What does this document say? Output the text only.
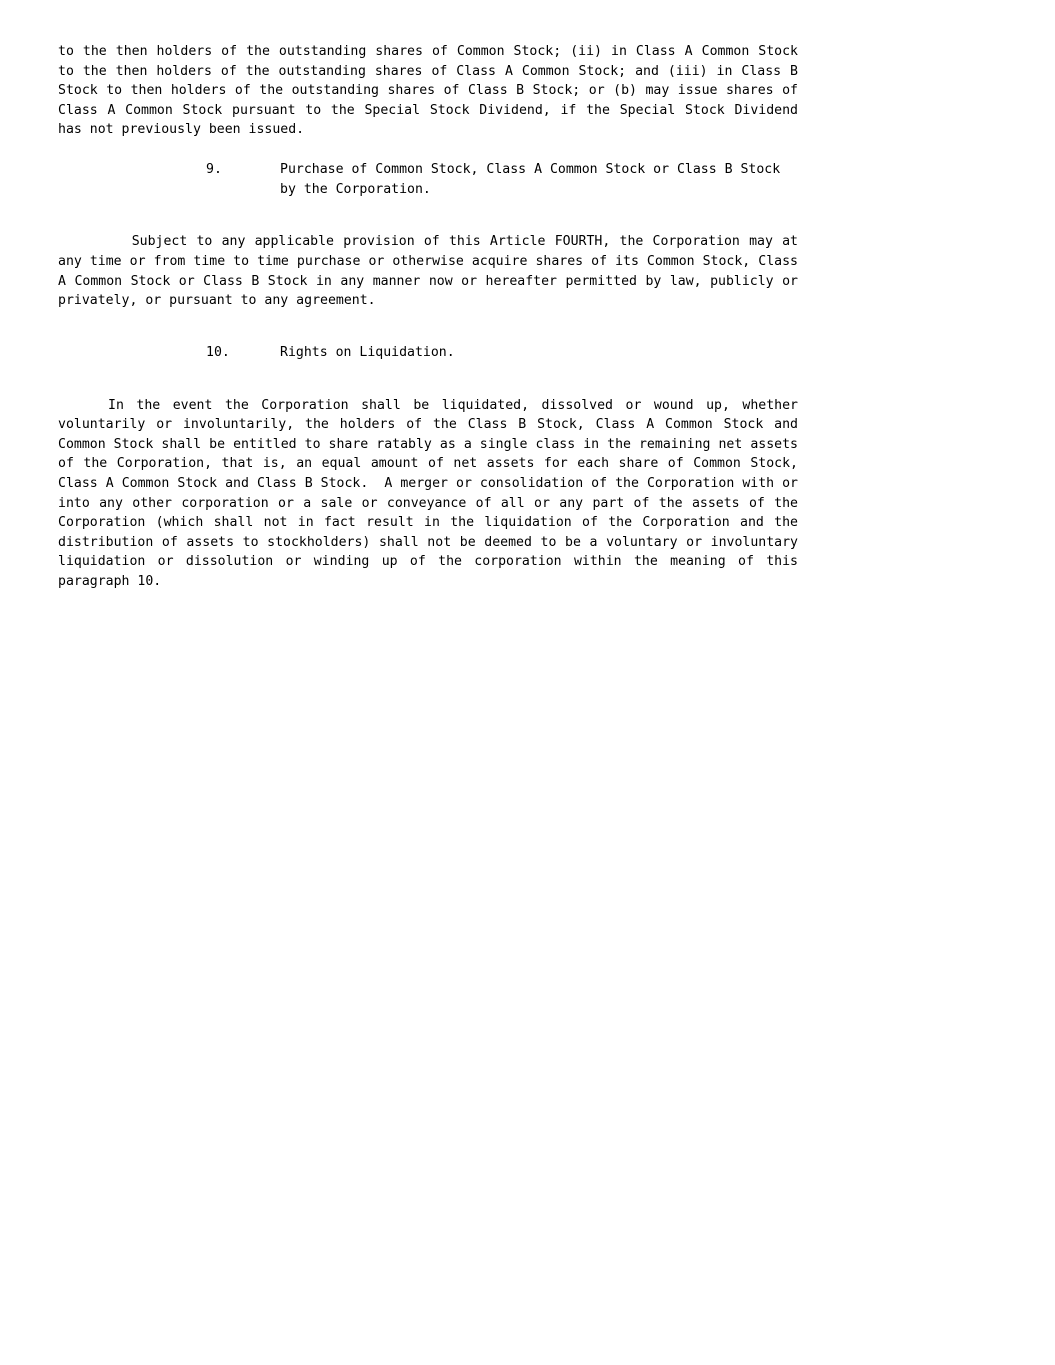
to the then holders of the outstanding shares of Common Stock; (ii) in Class A Common Stock to the then holders of the outstanding shares of Class A Common Stock; and (iii) in Class B Stock to then holders of the outstanding shares of Class B Stock; or (b) may issue shares of Class A Common Stock pursuant to the Special Stock Dividend, if the Special Stock Dividend has not previously been issued.

9.	Purchase of Common Stock, Class A Common Stock or Class B Stock by the Corporation.

Subject to any applicable provision of this Article FOURTH, the Corporation may at any time or from time to time purchase or otherwise acquire shares of its Common Stock, Class A Common Stock or Class B Stock in any manner now or hereafter permitted by law, publicly or privately, or pursuant to any agreement.

10.	Rights on Liquidation.

In the event the Corporation shall be liquidated, dissolved or wound up, whether voluntarily or involuntarily, the holders of the Class B Stock, Class A Common Stock and Common Stock shall be entitled to share ratably as a single class in the remaining net assets of the Corporation, that is, an equal amount of net assets for each share of Common Stock, Class A Common Stock and Class B Stock.  A merger or consolidation of the Corporation with or into any other corporation or a sale or conveyance of all or any part of the assets of the Corporation (which shall not in fact result in the liquidation of the Corporation and the distribution of assets to stockholders) shall not be deemed to be a voluntary or involuntary liquidation or dissolution or winding up of the corporation within the meaning of this paragraph 10.
